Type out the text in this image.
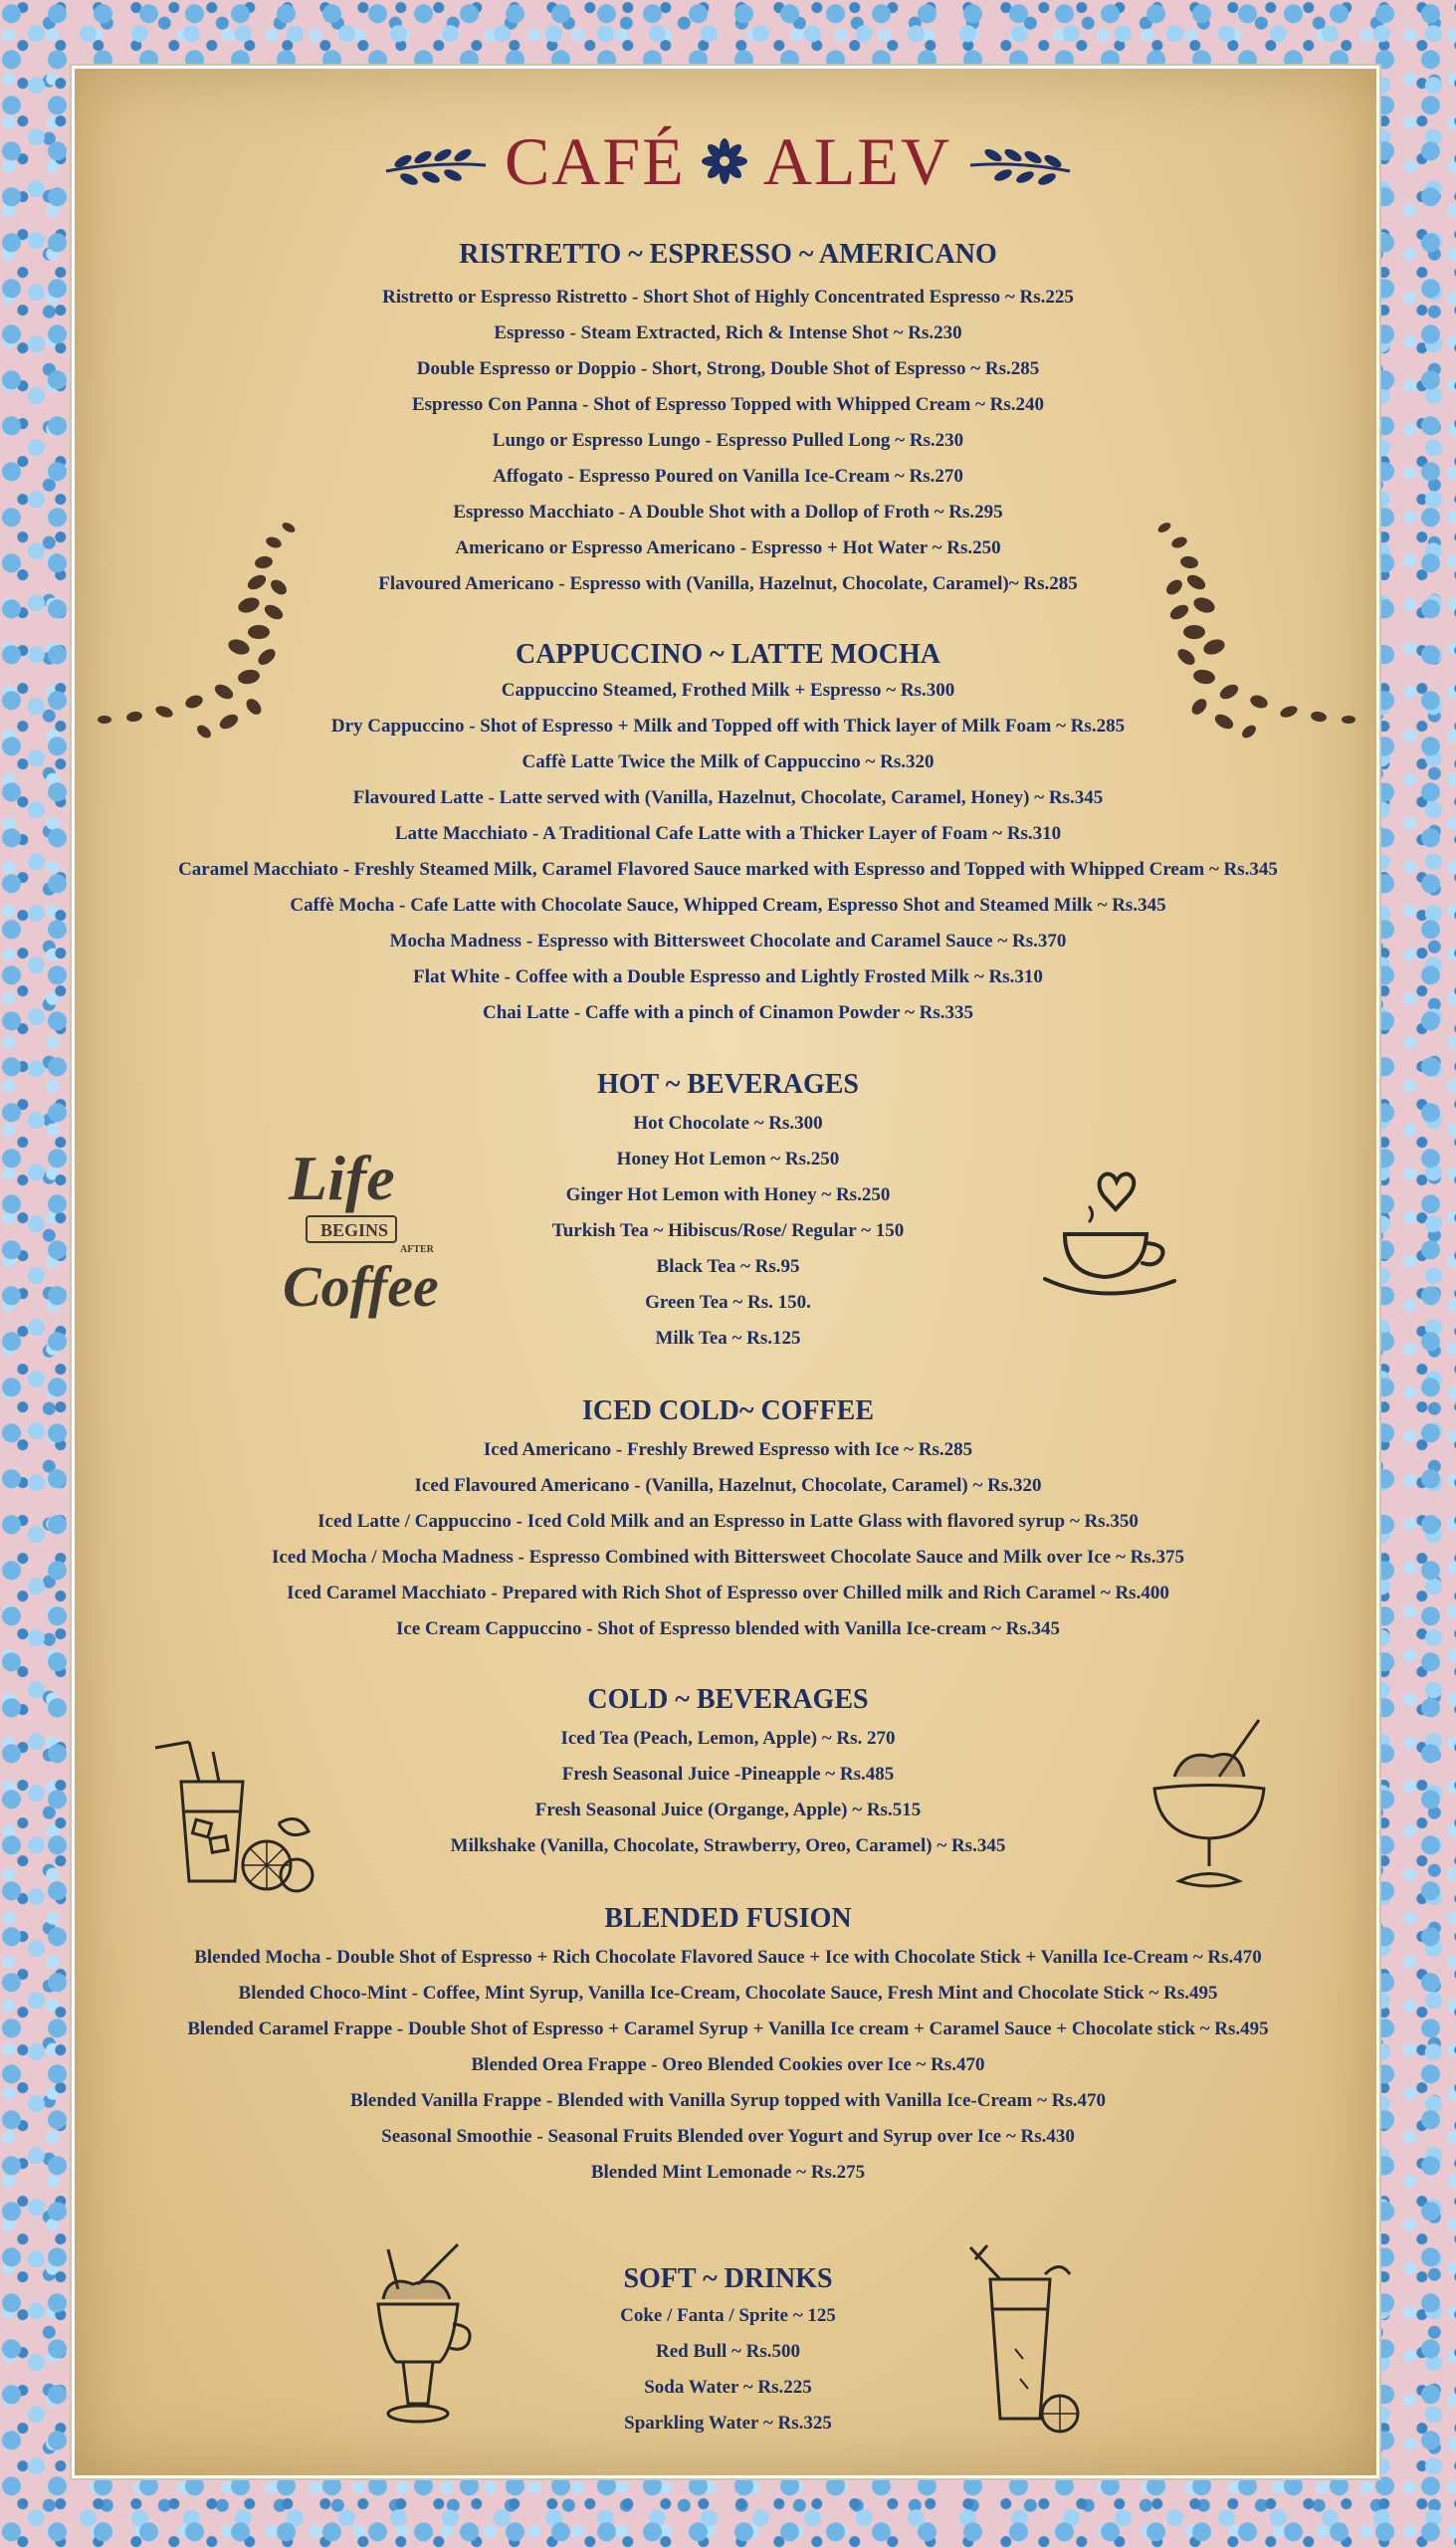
CAFÉ ALEV
Life
BEGINS
AFTER
Coffee
RISTRETTO ~ ESPRESSO ~ AMERICANO
Ristretto or Espresso Ristretto - Short Shot of Highly Concentrated Espresso ~ Rs.225
Espresso - Steam Extracted, Rich & Intense Shot ~ Rs.230
Double Espresso or Doppio - Short, Strong, Double Shot of Espresso ~ Rs.285
Espresso Con Panna - Shot of Espresso Topped with Whipped Cream ~ Rs.240
Lungo or Espresso Lungo - Espresso Pulled Long ~ Rs.230
Affogato - Espresso Poured on Vanilla Ice-Cream ~ Rs.270
Espresso Macchiato - A Double Shot with a Dollop of Froth ~ Rs.295
Americano or Espresso Americano - Espresso + Hot Water ~ Rs.250
Flavoured Americano - Espresso with (Vanilla, Hazelnut, Chocolate, Caramel)~ Rs.285
CAPPUCCINO ~ LATTE MOCHA
Cappuccino Steamed, Frothed Milk + Espresso ~ Rs.300
Dry Cappuccino - Shot of Espresso + Milk and Topped off with Thick layer of Milk Foam ~ Rs.285
Caffè Latte Twice the Milk of Cappuccino ~ Rs.320
Flavoured Latte - Latte served with (Vanilla, Hazelnut, Chocolate, Caramel, Honey) ~ Rs.345
Latte Macchiato - A Traditional Cafe Latte with a Thicker Layer of Foam ~ Rs.310
Caramel Macchiato - Freshly Steamed Milk, Caramel Flavored Sauce marked with Espresso and Topped with Whipped Cream ~ Rs.345
Caffè Mocha - Cafe Latte with Chocolate Sauce, Whipped Cream, Espresso Shot and Steamed Milk ~ Rs.345
Mocha Madness - Espresso with Bittersweet Chocolate and Caramel Sauce ~ Rs.370
Flat White - Coffee with a Double Espresso and Lightly Frosted Milk ~ Rs.310
Chai Latte - Caffe with a pinch of Cinamon Powder ~ Rs.335
HOT ~ BEVERAGES
Hot Chocolate ~ Rs.300
Honey Hot Lemon ~ Rs.250
Ginger Hot Lemon with Honey ~ Rs.250
Turkish Tea ~ Hibiscus/Rose/ Regular ~ 150
Black Tea ~ Rs.95
Green Tea ~ Rs. 150.
Milk Tea ~ Rs.125
ICED COLD~ COFFEE
Iced Americano - Freshly Brewed Espresso with Ice ~ Rs.285
Iced Flavoured Americano - (Vanilla, Hazelnut, Chocolate, Caramel) ~ Rs.320
Iced Latte / Cappuccino - Iced Cold Milk and an Espresso in Latte Glass with flavored syrup ~ Rs.350
Iced Mocha / Mocha Madness - Espresso Combined with Bittersweet Chocolate Sauce and Milk over Ice ~ Rs.375
Iced Caramel Macchiato - Prepared with Rich Shot of Espresso over Chilled milk and Rich Caramel ~ Rs.400
Ice Cream Cappuccino - Shot of Espresso blended with Vanilla Ice-cream ~ Rs.345
COLD ~ BEVERAGES
Iced Tea (Peach, Lemon, Apple) ~ Rs. 270
Fresh Seasonal Juice -Pineapple ~ Rs.485
Fresh Seasonal Juice (Organge, Apple) ~ Rs.515
Milkshake (Vanilla, Chocolate, Strawberry, Oreo, Caramel) ~ Rs.345
BLENDED FUSION
Blended Mocha - Double Shot of Espresso + Rich Chocolate Flavored Sauce + Ice with Chocolate Stick + Vanilla Ice-Cream ~ Rs.470
Blended Choco-Mint - Coffee, Mint Syrup, Vanilla Ice-Cream, Chocolate Sauce, Fresh Mint and Chocolate Stick ~ Rs.495
Blended Caramel Frappe - Double Shot of Espresso + Caramel Syrup + Vanilla Ice cream + Caramel Sauce + Chocolate stick ~ Rs.495
Blended Orea Frappe - Oreo Blended Cookies over Ice ~ Rs.470
Blended Vanilla Frappe - Blended with Vanilla Syrup topped with Vanilla Ice-Cream ~ Rs.470
Seasonal Smoothie - Seasonal Fruits Blended over Yogurt and Syrup over Ice ~ Rs.430
Blended Mint Lemonade ~ Rs.275
SOFT ~ DRINKS
Coke / Fanta / Sprite ~ 125
Red Bull ~ Rs.500
Soda Water ~ Rs.225
Sparkling Water ~ Rs.325
